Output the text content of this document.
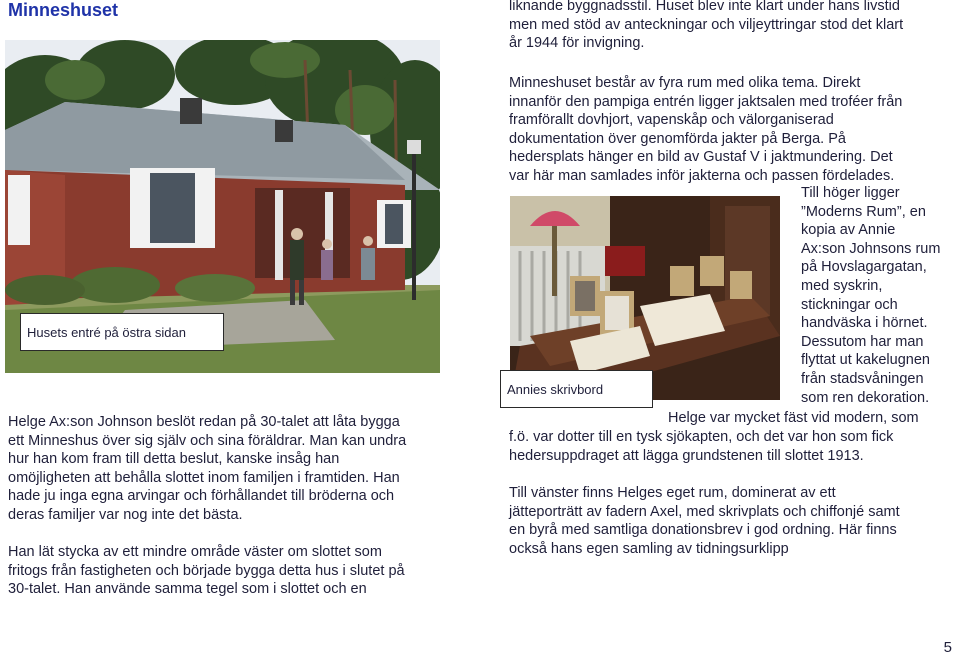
Minneshuset
Husets entré på östra sidan
Helge Ax:son Johnson beslöt redan på 30-talet att låta bygga
ett Minneshus över sig själv och sina föräldrar. Man kan undra
hur han kom fram till detta beslut, kanske insåg han
omöjligheten att behålla slottet inom familjen i framtiden. Han
hade ju inga egna arvingar och förhållandet till bröderna och
deras familjer var nog inte det bästa.
Han lät stycka av ett mindre område väster om slottet som
fritogs från fastigheten och började bygga detta hus i slutet på
30-talet. Han använde samma tegel som i slottet och en
liknande byggnadsstil. Huset blev inte klart under hans livstid
men med stöd av anteckningar och viljeyttringar stod det klart
år 1944 för invigning.
Minneshuset består av fyra rum med olika tema. Direkt
innanför den pampiga entrén ligger jaktsalen med troféer från
framförallt dovhjort, vapenskåp och välorganiserad
dokumentation över genomförda jakter på Berga. På
hedersplats hänger en bild av Gustaf V i jaktmundering. Det
var här man samlades inför jakterna och passen fördelades.
Annies skrivbord
Till höger ligger
”Moderns Rum”, en
kopia av Annie
Ax:son Johnsons rum
på Hovslagargatan,
med syskrin,
stickningar och
handväska i hörnet.
Dessutom har man
flyttat ut kakelugnen
från stadsvåningen
som ren dekoration.
Helge var mycket fäst vid modern, som
f.ö. var dotter till en tysk sjökapten, och det var hon som fick
hedersuppdraget att lägga grundstenen till slottet 1913.
Till vänster finns Helges eget rum, dominerat av ett
jätteporträtt av fadern Axel, med skrivplats och chiffonjé samt
en byrå med samtliga donationsbrev i god ordning. Här finns
också hans egen samling av tidningsurklipp
5
